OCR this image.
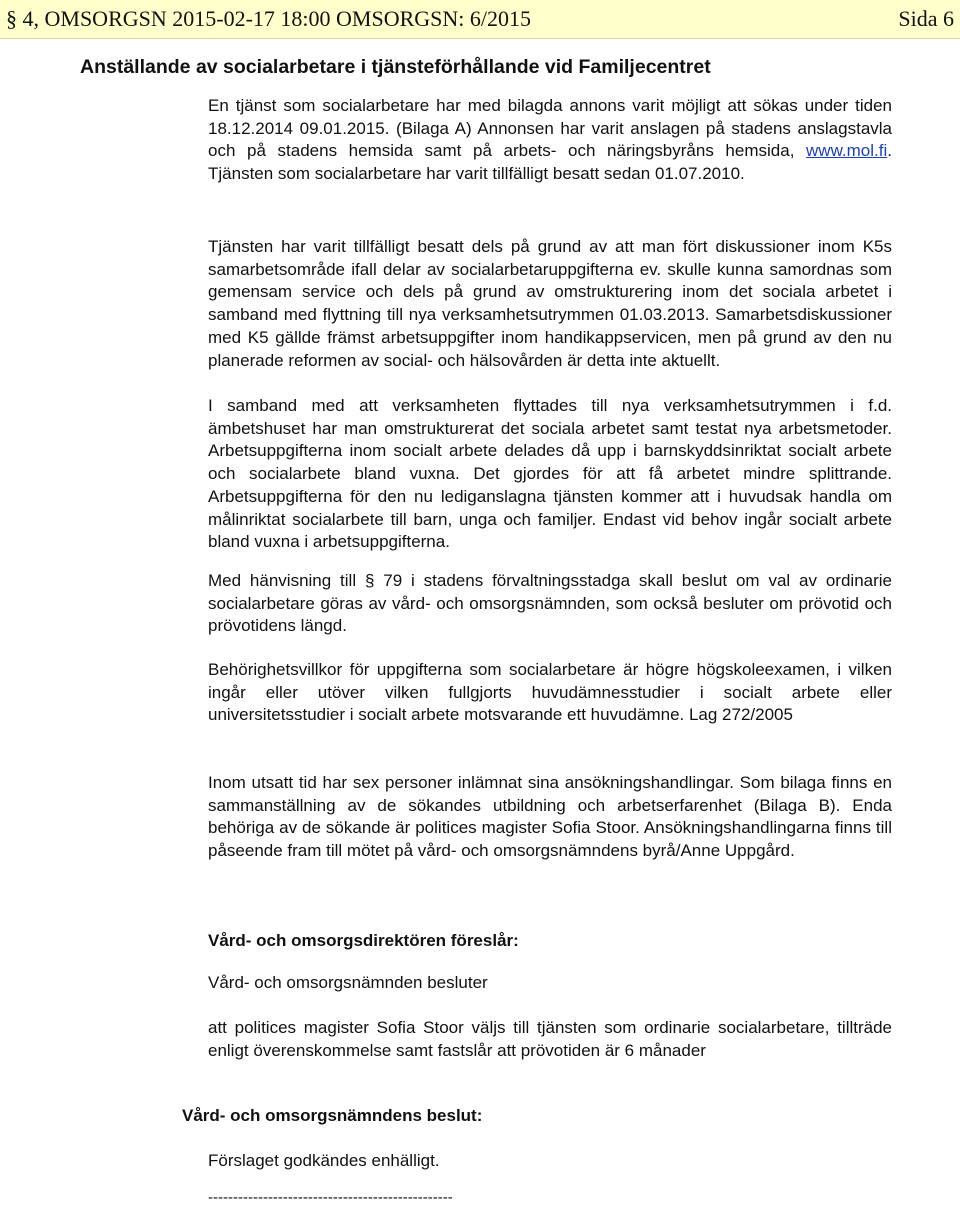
§ 4, OMSORGSN 2015-02-17 18:00 OMSORGSN: 6/2015	Sida 6
Anställande av socialarbetare i tjänsteförhållande vid Familjecentret

En tjänst som socialarbetare har med bilagda annons varit möjligt att sökas under tiden 18.12.2014 09.01.2015. (Bilaga A) Annonsen har varit anslagen på stadens anslagstavla och på stadens hemsida samt på arbets- och näringsbyråns hemsida, www.mol.fi. Tjänsten som socialarbetare har varit tillfälligt besatt sedan 01.07.2010.

Tjänsten har varit tillfälligt besatt dels på grund av att man fört diskussioner inom K5s samarbetsområde ifall delar av socialarbetaruppgifterna ev. skulle kunna samordnas som gemensam service och dels på grund av omstrukturering inom det sociala arbetet i samband med flyttning till nya verksamhetsutrymmen 01.03.2013. Samarbetsdiskussioner med K5 gällde främst arbetsuppgifter inom handikappservicen, men på grund av den nu planerade reformen av social- och hälsovården är detta inte aktuellt.

I samband med att verksamheten flyttades till nya verksamhetsutrymmen i f.d. ämbetshuset har man omstrukturerat det sociala arbetet samt testat nya arbetsmetoder. Arbetsuppgifterna inom socialt arbete delades då upp i barnskyddsinriktat socialt arbete och socialarbete bland vuxna. Det gjordes för att få arbetet mindre splittrande. Arbetsuppgifterna för den nu lediganslagna tjänsten kommer att i huvudsak handla om målinriktat socialarbete till barn, unga och familjer. Endast vid behov ingår socialt arbete bland vuxna i arbetsuppgifterna.

Med hänvisning till § 79 i stadens förvaltningsstadga skall beslut om val av ordinarie socialarbetare göras av vård- och omsorgsnämnden, som också besluter om prövotid och prövotidens längd.

Behörighetsvillkor för uppgifterna som socialarbetare är högre högskoleexamen, i vilken ingår eller utöver vilken fullgjorts huvudämnesstudier i socialt arbete eller universitetsstudier i socialt arbete motsvarande ett huvudämne. Lag 272/2005

Inom utsatt tid har sex personer inlämnat sina ansökningshandlingar. Som bilaga finns en sammanställning av de sökandes utbildning och arbetserfarenhet (Bilaga B). Enda behöriga av de sökande är politices magister Sofia Stoor. Ansökningshandlingarna finns till påseende fram till mötet på vård- och omsorgsnämndens byrå/Anne Uppgård.

Vård- och omsorgsdirektören föreslår:
Vård- och omsorgsnämnden besluter

att politices magister Sofia Stoor väljs till tjänsten som ordinarie socialarbetare, tillträde enligt överenskommelse samt fastslår att prövotiden är 6 månader

Vård- och omsorgsnämndens beslut:
Förslaget godkändes enhälligt.
-------------------------------------------------
